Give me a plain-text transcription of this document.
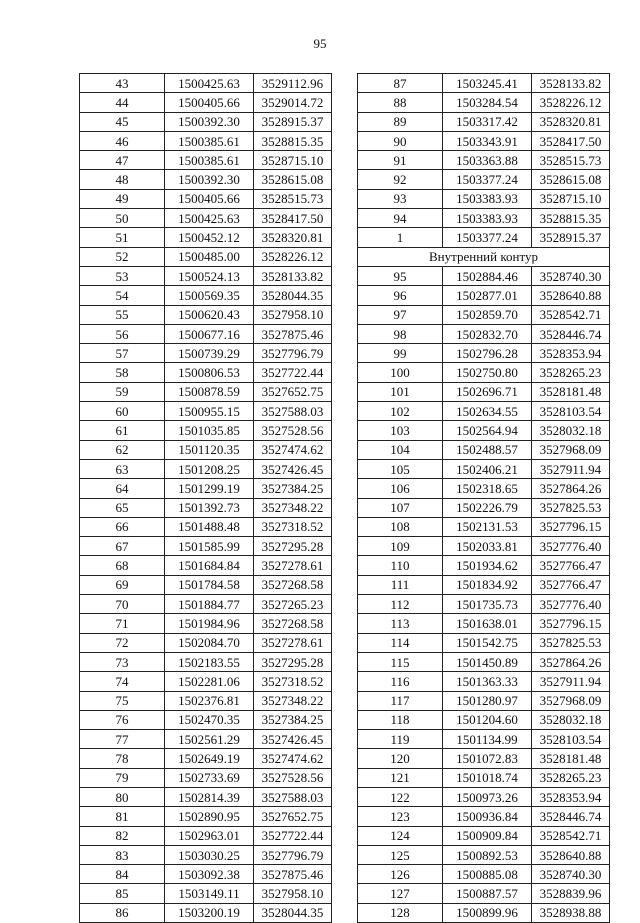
95
43	1500425.63	3529112.96
44	1500405.66	3529014.72
45	1500392.30	3528915.37
46	1500385.61	3528815.35
47	1500385.61	3528715.10
48	1500392.30	3528615.08
49	1500405.66	3528515.73
50	1500425.63	3528417.50
51	1500452.12	3528320.81
52	1500485.00	3528226.12
53	1500524.13	3528133.82
54	1500569.35	3528044.35
55	1500620.43	3527958.10
56	1500677.16	3527875.46
57	1500739.29	3527796.79
58	1500806.53	3527722.44
59	1500878.59	3527652.75
60	1500955.15	3527588.03
61	1501035.85	3527528.56
62	1501120.35	3527474.62
63	1501208.25	3527426.45
64	1501299.19	3527384.25
65	1501392.73	3527348.22
66	1501488.48	3527318.52
67	1501585.99	3527295.28
68	1501684.84	3527278.61
69	1501784.58	3527268.58
70	1501884.77	3527265.23
71	1501984.96	3527268.58
72	1502084.70	3527278.61
73	1502183.55	3527295.28
74	1502281.06	3527318.52
75	1502376.81	3527348.22
76	1502470.35	3527384.25
77	1502561.29	3527426.45
78	1502649.19	3527474.62
79	1502733.69	3527528.56
80	1502814.39	3527588.03
81	1502890.95	3527652.75
82	1502963.01	3527722.44
83	1503030.25	3527796.79
84	1503092.38	3527875.46
85	1503149.11	3527958.10
86	1503200.19	3528044.35
87	1503245.41	3528133.82
88	1503284.54	3528226.12
89	1503317.42	3528320.81
90	1503343.91	3528417.50
91	1503363.88	3528515.73
92	1503377.24	3528615.08
93	1503383.93	3528715.10
94	1503383.93	3528815.35
1	1503377.24	3528915.37
Внутренний контур		
95	1502884.46	3528740.30
96	1502877.01	3528640.88
97	1502859.70	3528542.71
98	1502832.70	3528446.74
99	1502796.28	3528353.94
100	1502750.80	3528265.23
101	1502696.71	3528181.48
102	1502634.55	3528103.54
103	1502564.94	3528032.18
104	1502488.57	3527968.09
105	1502406.21	3527911.94
106	1502318.65	3527864.26
107	1502226.79	3527825.53
108	1502131.53	3527796.15
109	1502033.81	3527776.40
110	1501934.62	3527766.47
111	1501834.92	3527766.47
112	1501735.73	3527776.40
113	1501638.01	3527796.15
114	1501542.75	3527825.53
115	1501450.89	3527864.26
116	1501363.33	3527911.94
117	1501280.97	3527968.09
118	1501204.60	3528032.18
119	1501134.99	3528103.54
120	1501072.83	3528181.48
121	1501018.74	3528265.23
122	1500973.26	3528353.94
123	1500936.84	3528446.74
124	1500909.84	3528542.71
125	1500892.53	3528640.88
126	1500885.08	3528740.30
127	1500887.57	3528839.96
128	1500899.96	3528938.88
